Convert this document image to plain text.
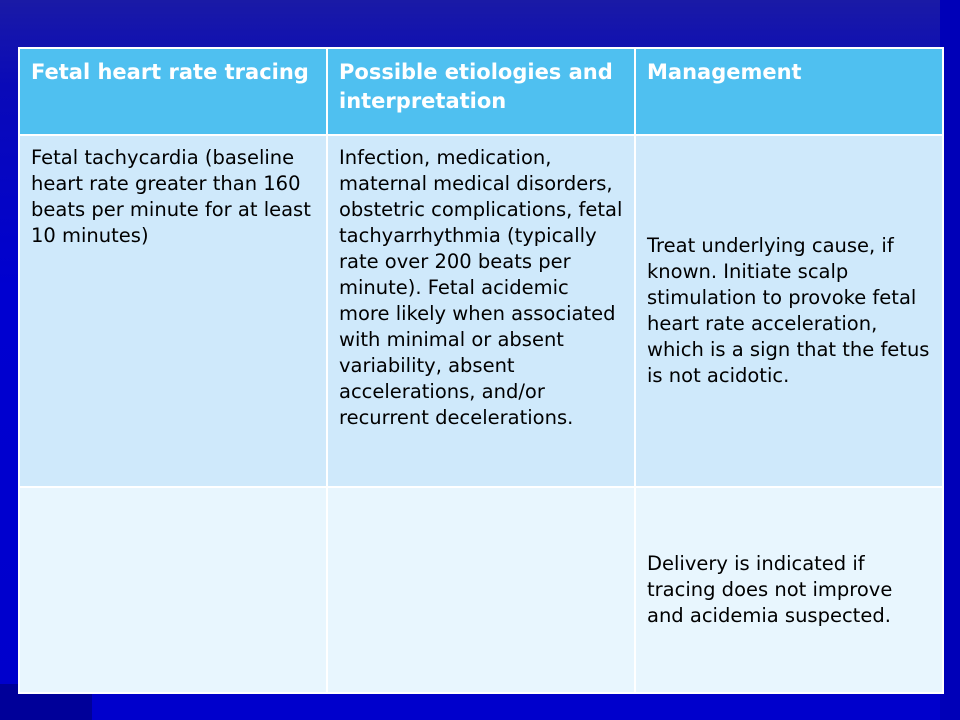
Fetal heart rate tracing	Possible etiologies and interpretation	Management
Fetal tachycardia (baseline heart rate greater than 160 beats per minute for at least 10 minutes)	Infection, medication, maternal medical disorders, obstetric complications, fetal tachyarrhythmia (typically rate over 200 beats per minute). Fetal acidemic more likely when associated with minimal or absent variability, absent accelerations, and/or recurrent decelerations.	Treat underlying cause, if known. Initiate scalp stimulation to provoke fetal heart rate acceleration, which is a sign that the fetus is not acidotic.
		Delivery is indicated if tracing does not improve and acidemia suspected.
